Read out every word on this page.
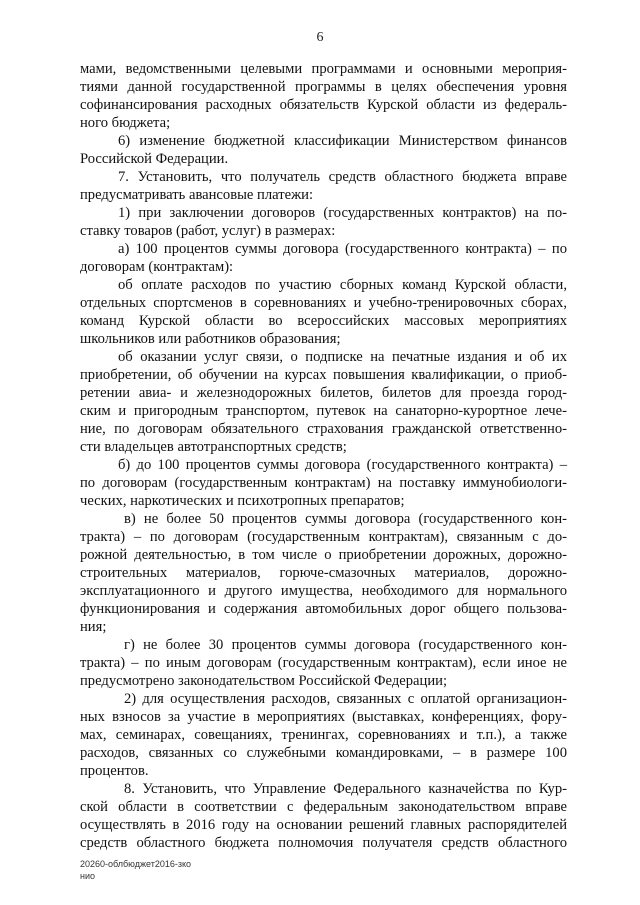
6
мами, ведомственными целевыми программами и основными мероприя-
тиями данной государственной программы в целях обеспечения уровня
софинансирования расходных обязательств Курской области из федераль-
ного бюджета;
6) изменение бюджетной классификации Министерством финансов
Российской Федерации.
7. Установить, что получатель средств областного бюджета вправе
предусматривать авансовые платежи:
1) при заключении договоров (государственных контрактов) на по-
ставку товаров (работ, услуг) в размерах:
а) 100 процентов суммы договора (государственного контракта) – по
договорам (контрактам):
об оплате расходов по участию сборных команд Курской области,
отдельных спортсменов в соревнованиях и учебно-тренировочных сборах,
команд Курской области во всероссийских массовых мероприятиях
школьников или работников образования;
об оказании услуг связи, о подписке на печатные издания и об их
приобретении, об обучении на курсах повышения квалификации, о приоб-
ретении авиа- и железнодорожных билетов, билетов для проезда город-
ским и пригородным транспортом, путевок на санаторно-курортное лече-
ние, по договорам обязательного страхования гражданской ответственно-
сти владельцев автотранспортных средств;
б) до 100 процентов суммы договора (государственного контракта) –
по договорам (государственным контрактам) на поставку иммунобиологи-
ческих, наркотических и психотропных препаратов;
в) не более 50 процентов суммы договора (государственного кон-
тракта) – по договорам (государственным контрактам), связанным с до-
рожной деятельностью, в том числе о приобретении дорожных, дорожно-
строительных материалов, горюче-смазочных материалов, дорожно-
эксплуатационного и другого имущества, необходимого для нормального
функционирования и содержания автомобильных дорог общего пользова-
ния;
г) не более 30 процентов суммы договора (государственного кон-
тракта) – по иным договорам (государственным контрактам), если иное не
предусмотрено законодательством Российской Федерации;
2) для осуществления расходов, связанных с оплатой организацион-
ных взносов за участие в мероприятиях (выставках, конференциях, фору-
мах, семинарах, совещаниях, тренингах, соревнованиях и т.п.), а также
расходов, связанных со служебными командировками, – в размере 100
процентов.
8. Установить, что Управление Федерального казначейства по Кур-
ской области в соответствии с федеральным законодательством вправе
осуществлять в 2016 году на основании решений главных распорядителей
средств областного бюджета полномочия получателя средств областного
20260-облбюджет2016-зко
нио
